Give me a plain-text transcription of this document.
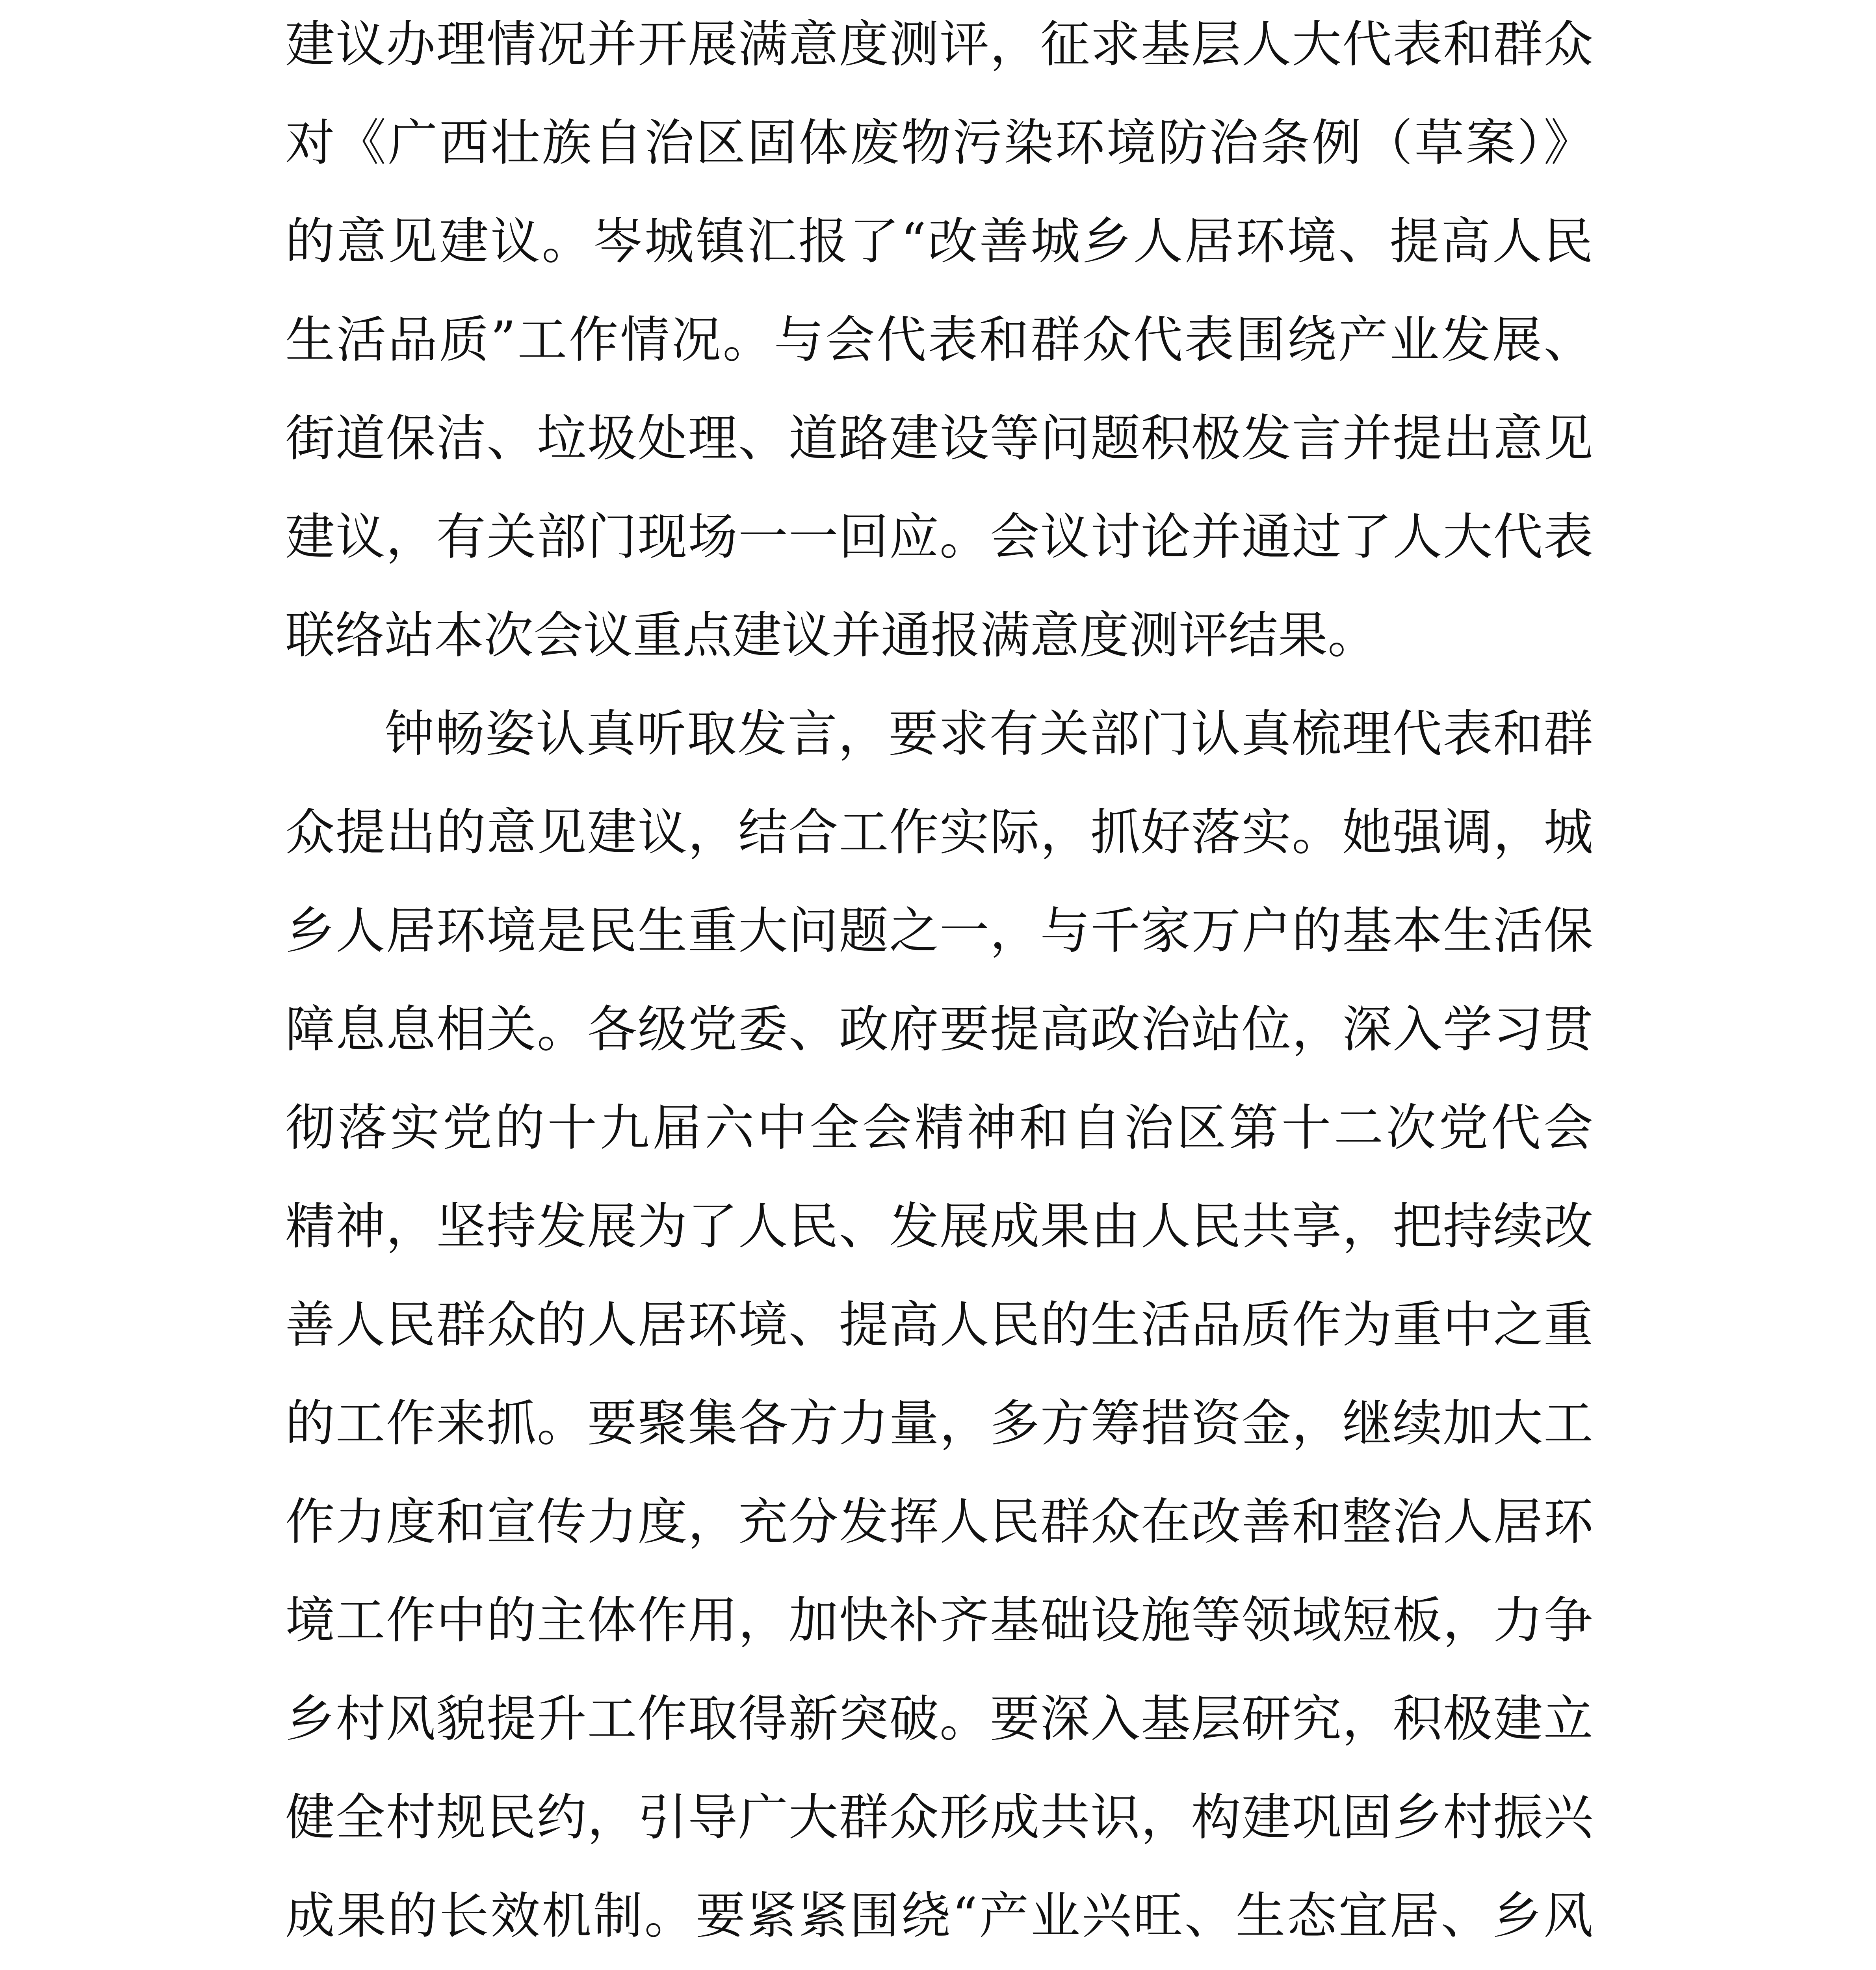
建议办理情况并开展满意度测评，征求基层人大代表和群众
对《广西壮族自治区固体废物污染环境防治条例（草案）》
的意见建议。岑城镇汇报了“改善城乡人居环境、提高人民
生活品质”工作情况。与会代表和群众代表围绕产业发展、
街道保洁、垃圾处理、道路建设等问题积极发言并提出意见
建议，有关部门现场一一回应。会议讨论并通过了人大代表
联络站本次会议重点建议并通报满意度测评结果。
钟畅姿认真听取发言，要求有关部门认真梳理代表和群
众提出的意见建议，结合工作实际，抓好落实。她强调，城
乡人居环境是民生重大问题之一，与千家万户的基本生活保
障息息相关。各级党委、政府要提高政治站位，深入学习贯
彻落实党的十九届六中全会精神和自治区第十二次党代会
精神，坚持发展为了人民、发展成果由人民共享，把持续改
善人民群众的人居环境、提高人民的生活品质作为重中之重
的工作来抓。要聚集各方力量，多方筹措资金，继续加大工
作力度和宣传力度，充分发挥人民群众在改善和整治人居环
境工作中的主体作用，加快补齐基础设施等领域短板，力争
乡村风貌提升工作取得新突破。要深入基层研究，积极建立
健全村规民约，引导广大群众形成共识，构建巩固乡村振兴
成果的长效机制。要紧紧围绕“产业兴旺、生态宜居、乡风
